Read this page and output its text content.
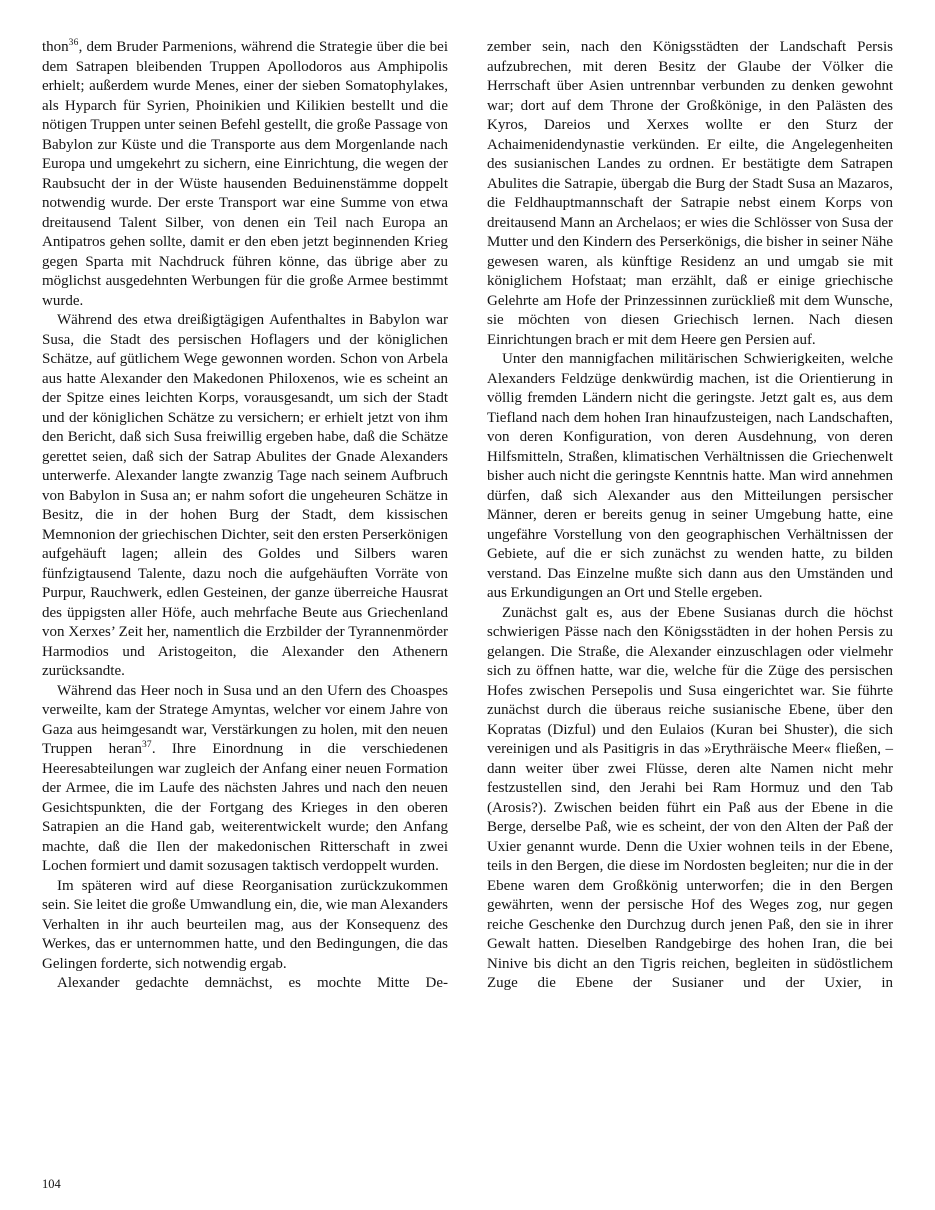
thon$^{36}$, dem Bruder Parmenions, während die Strategie über die bei dem Satrapen bleibenden Truppen Apollodoros aus Amphipolis erhielt; außerdem wurde Menes, einer der sieben Somatophylakes, als Hyparch für Syrien, Phoinikien und Kilikien bestellt und die nötigen Truppen unter seinen Befehl gestellt, die große Passage von Babylon zur Küste und die Transporte aus dem Morgenlande nach Europa und umgekehrt zu sichern, eine Einrichtung, die wegen der Raubsucht der in der Wüste hausenden Beduinenstämme doppelt notwendig wurde. Der erste Transport war eine Summe von etwa dreitausend Talent Silber, von denen ein Teil nach Europa an Antipatros gehen sollte, damit er den eben jetzt beginnenden Krieg gegen Sparta mit Nachdruck führen könne, das übrige aber zu möglichst ausgedehnten Werbungen für die große Armee bestimmt wurde.

Während des etwa dreißigtägigen Aufenthaltes in Babylon war Susa, die Stadt des persischen Hoflagers und der königlichen Schätze, auf gütlichem Wege gewonnen worden. Schon von Arbela aus hatte Alexander den Makedonen Philoxenos, wie es scheint an der Spitze eines leichten Korps, vorausgesandt, um sich der Stadt und der königlichen Schätze zu versichern; er erhielt jetzt von ihm den Bericht, daß sich Susa freiwillig ergeben habe, daß die Schätze gerettet seien, daß sich der Satrap Abulites der Gnade Alexanders unterwerfe. Alexander langte zwanzig Tage nach seinem Aufbruch von Babylon in Susa an; er nahm sofort die ungeheuren Schätze in Besitz, die in der hohen Burg der Stadt, dem kissischen Memnonion der griechischen Dichter, seit den ersten Perserkönigen aufgehäuft lagen; allein des Goldes und Silbers waren fünfzigtausend Talente, dazu noch die aufgehäuften Vorräte von Purpur, Rauchwerk, edlen Gesteinen, der ganze überreiche Hausrat des üppigsten aller Höfe, auch mehrfache Beute aus Griechenland von Xerxes’ Zeit her, namentlich die Erzbilder der Tyrannenmörder Harmodios und Aristogeiton, die Alexander den Athenern zurücksandte.

Während das Heer noch in Susa und an den Ufern des Choaspes verweilte, kam der Stratege Amyntas, welcher vor einem Jahre von Gaza aus heimgesandt war, Verstärkungen zu holen, mit den neuen Truppen heran$^{37}$. Ihre Einordnung in die verschiedenen Heeresabteilungen war zugleich der Anfang einer neuen Formation der Armee, die im Laufe des nächsten Jahres und nach den neuen Gesichtspunkten, die der Fortgang des Krieges in den oberen Satrapien an die Hand gab, weiterentwickelt wurde; den Anfang machte, daß die Ilen der makedonischen Ritterschaft in zwei Lochen formiert und damit sozusagen taktisch verdoppelt wurden.

Im späteren wird auf diese Reorganisation zurückzukommen sein. Sie leitet die große Umwandlung ein, die, wie man Alexanders Verhalten in ihr auch beurteilen mag, aus der Konsequenz des Werkes, das er unternommen hatte, und den Bedingungen, die das Gelingen forderte, sich notwendig ergab.

Alexander gedachte demnächst, es mochte Mitte De-

zember sein, nach den Königsstädten der Landschaft Persis aufzubrechen, mit deren Besitz der Glaube der Völker die Herrschaft über Asien untrennbar verbunden zu denken gewohnt war; dort auf dem Throne der Großkönige, in den Palästen des Kyros, Dareios und Xerxes wollte er den Sturz der Achaimenidendynastie verkünden. Er eilte, die Angelegenheiten des susianischen Landes zu ordnen. Er bestätigte dem Satrapen Abulites die Satrapie, übergab die Burg der Stadt Susa an Mazaros, die Feldhauptmannschaft der Satrapie nebst einem Korps von dreitausend Mann an Archelaos; er wies die Schlösser von Susa der Mutter und den Kindern des Perserkönigs, die bisher in seiner Nähe gewesen waren, als künftige Residenz an und umgab sie mit königlichem Hofstaat; man erzählt, daß er einige griechische Gelehrte am Hofe der Prinzessinnen zurückließ mit dem Wunsche, sie möchten von diesen Griechisch lernen. Nach diesen Einrichtungen brach er mit dem Heere gen Persien auf.

Unter den mannigfachen militärischen Schwierigkeiten, welche Alexanders Feldzüge denkwürdig machen, ist die Orientierung in völlig fremden Ländern nicht die geringste. Jetzt galt es, aus dem Tiefland nach dem hohen Iran hinaufzusteigen, nach Landschaften, von deren Konfiguration, von deren Ausdehnung, von deren Hilfsmitteln, Straßen, klimatischen Verhältnissen die Griechenwelt bisher auch nicht die geringste Kenntnis hatte. Man wird annehmen dürfen, daß sich Alexander aus den Mitteilungen persischer Männer, deren er bereits genug in seiner Umgebung hatte, eine ungefähre Vorstellung von den geographischen Verhältnissen der Gebiete, auf die er sich zunächst zu wenden hatte, zu bilden verstand. Das Einzelne mußte sich dann aus den Umständen und aus Erkundigungen an Ort und Stelle ergeben.

Zunächst galt es, aus der Ebene Susianas durch die höchst schwierigen Pässe nach den Königsstädten in der hohen Persis zu gelangen. Die Straße, die Alexander einzuschlagen oder vielmehr sich zu öffnen hatte, war die, welche für die Züge des persischen Hofes zwischen Persepolis und Susa eingerichtet war. Sie führte zunächst durch die überaus reiche susianische Ebene, über den Kopratas (Dizful) und den Eulaios (Kuran bei Shuster), die sich vereinigen und als Pasitigris in das »Erythräische Meer« fließen, – dann weiter über zwei Flüsse, deren alte Namen nicht mehr festzustellen sind, den Jerahi bei Ram Hormuz und den Tab (Arosis?). Zwischen beiden führt ein Paß aus der Ebene in die Berge, derselbe Paß, wie es scheint, der von den Alten der Paß der Uxier genannt wurde. Denn die Uxier wohnen teils in der Ebene, teils in den Bergen, die diese im Nordosten begleiten; nur die in der Ebene waren dem Großkönig unterworfen; die in den Bergen gewährten, wenn der persische Hof des Weges zog, nur gegen reiche Geschenke den Durchzug durch jenen Paß, den sie in ihrer Gewalt hatten. Dieselben Randgebirge des hohen Iran, die bei Ninive bis dicht an den Tigris reichen, begleiten in südöstlichem Zuge die Ebene der Susianer und der Uxier, in

104
